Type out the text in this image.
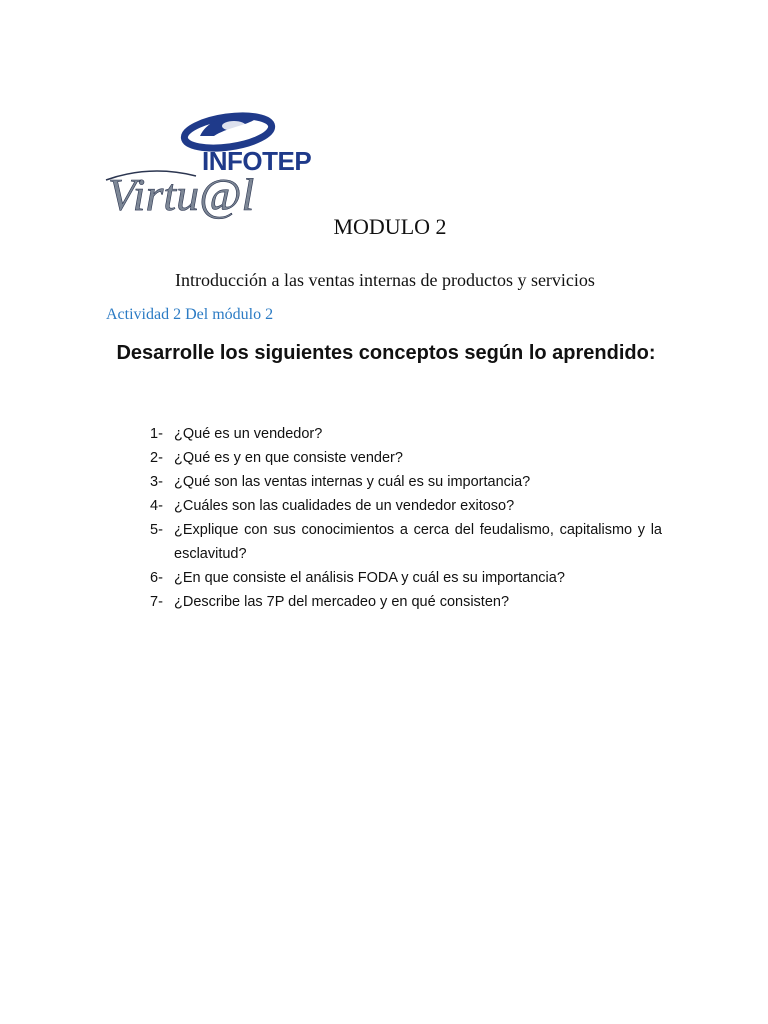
INFOTEP
Virtu@l
MODULO 2
Introducción a las ventas internas de productos y servicios
Actividad 2 Del módulo 2
Desarrolle los siguientes conceptos según lo aprendido:
1- ¿Qué es un vendedor?
2- ¿Qué es y en que consiste vender?
3- ¿Qué son las ventas internas y cuál es su importancia?
4- ¿Cuáles son las cualidades de un vendedor exitoso?
5- ¿Explique con sus conocimientos a cerca del feudalismo, capitalismo y la esclavitud?
6- ¿En que consiste el análisis FODA y cuál es su importancia?
7- ¿Describe las 7P del mercadeo y en qué consisten?
